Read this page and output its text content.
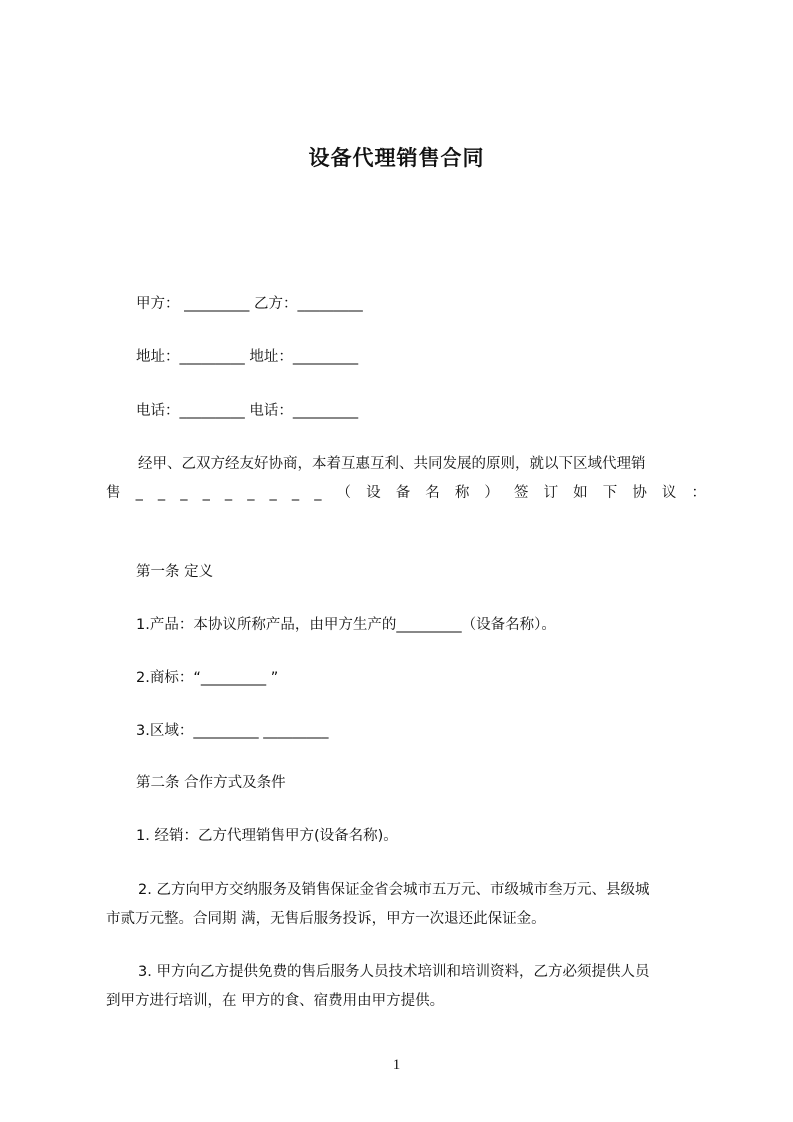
设备代理销售合同
甲方： _________ 乙方：_________
地址：_________ 地址：_________
电话：_________ 电话：_________
经甲、乙双方经友好协商，本着互惠互利、共同发展的原则，就以下区域代理销
售 _ _ _ _ _ _ _ _ _ （ 设 备 名 称 ） 签 订 如 下 协 议 ：
第一条 定义
1.产品：本协议所称产品，由甲方生产的_________（设备名称）。
2.商标：“_________ ”
3.区域：_________ _________
第二条 合作方式及条件
1. 经销：乙方代理销售甲方(设备名称)。
2. 乙方向甲方交纳服务及销售保证金省会城市五万元、市级城市叁万元、县级城
市贰万元整。合同期 满，无售后服务投诉，甲方一次退还此保证金。
3. 甲方向乙方提供免费的售后服务人员技术培训和培训资料，乙方必须提供人员
到甲方进行培训，在 甲方的食、宿费用由甲方提供。
1
